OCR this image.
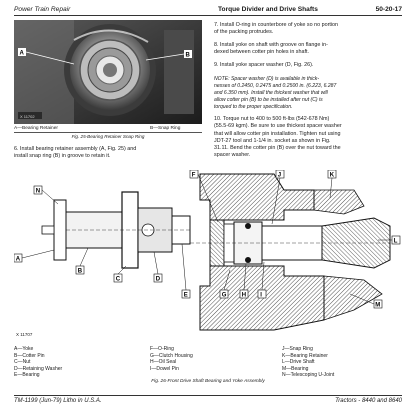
Power Train Repair	Torque Divider and Drive Shafts	50-20-17
X 11702
A	B
A—Bearing Retainer	B—Snap Ring
Fig. 25-Bearing Retainer Snap Ring
6. Install bearing retainer assembly (A, Fig. 25) and
install snap ring (B) in groove to retain it.
7. Install O-ring in counterbore of yoke so no portion
of the packing protrudes.
8. Install yoke on shaft with groove on flange in-
dexed between cotter pin holes in shaft.
9. Install yoke spacer washer (D, Fig. 26).
NOTE: Spacer washer (D) is available in thick-
nesses of 0.2450, 0.2475 and 0.2500 in. (6.223, 6.287
and 6.350 mm). Install the thickest washer that will
allow cotter pin (B) to be installed after nut (C) is
torqued to the proper specification.
10. Torque nut to 400 to 500 ft-lbs (542-678 Nm)
(55.5-69 kgm). Be sure to use thickest spacer washer
that will allow cotter pin installation. Tighten nut using
JDT-27 tool and 1-1/4 in. socket as shown in Fig.
31.11. Bend the cotter pin (B) over the nut toward the
spacer washer.
A
B
C	D
E
F
G	H I
J	K
L
M
N
X 11707
A—Yoke
B—Cotter Pin
C—Nut
D—Retaining Washer
E—Bearing
F—O-Ring
G—Clutch Housing
H—Oil Seal
I—Dowel Pin
J—Snap Ring
K—Bearing Retainer
L—Drive Shaft
M—Bearing
N—Telescoping U-Joint
Fig. 26-Front Drive Shaft Bearing and Yoke Assembly
TM-1199 (Jun-79) Litho in U.S.A.	Tractors - 8440 and 8640
